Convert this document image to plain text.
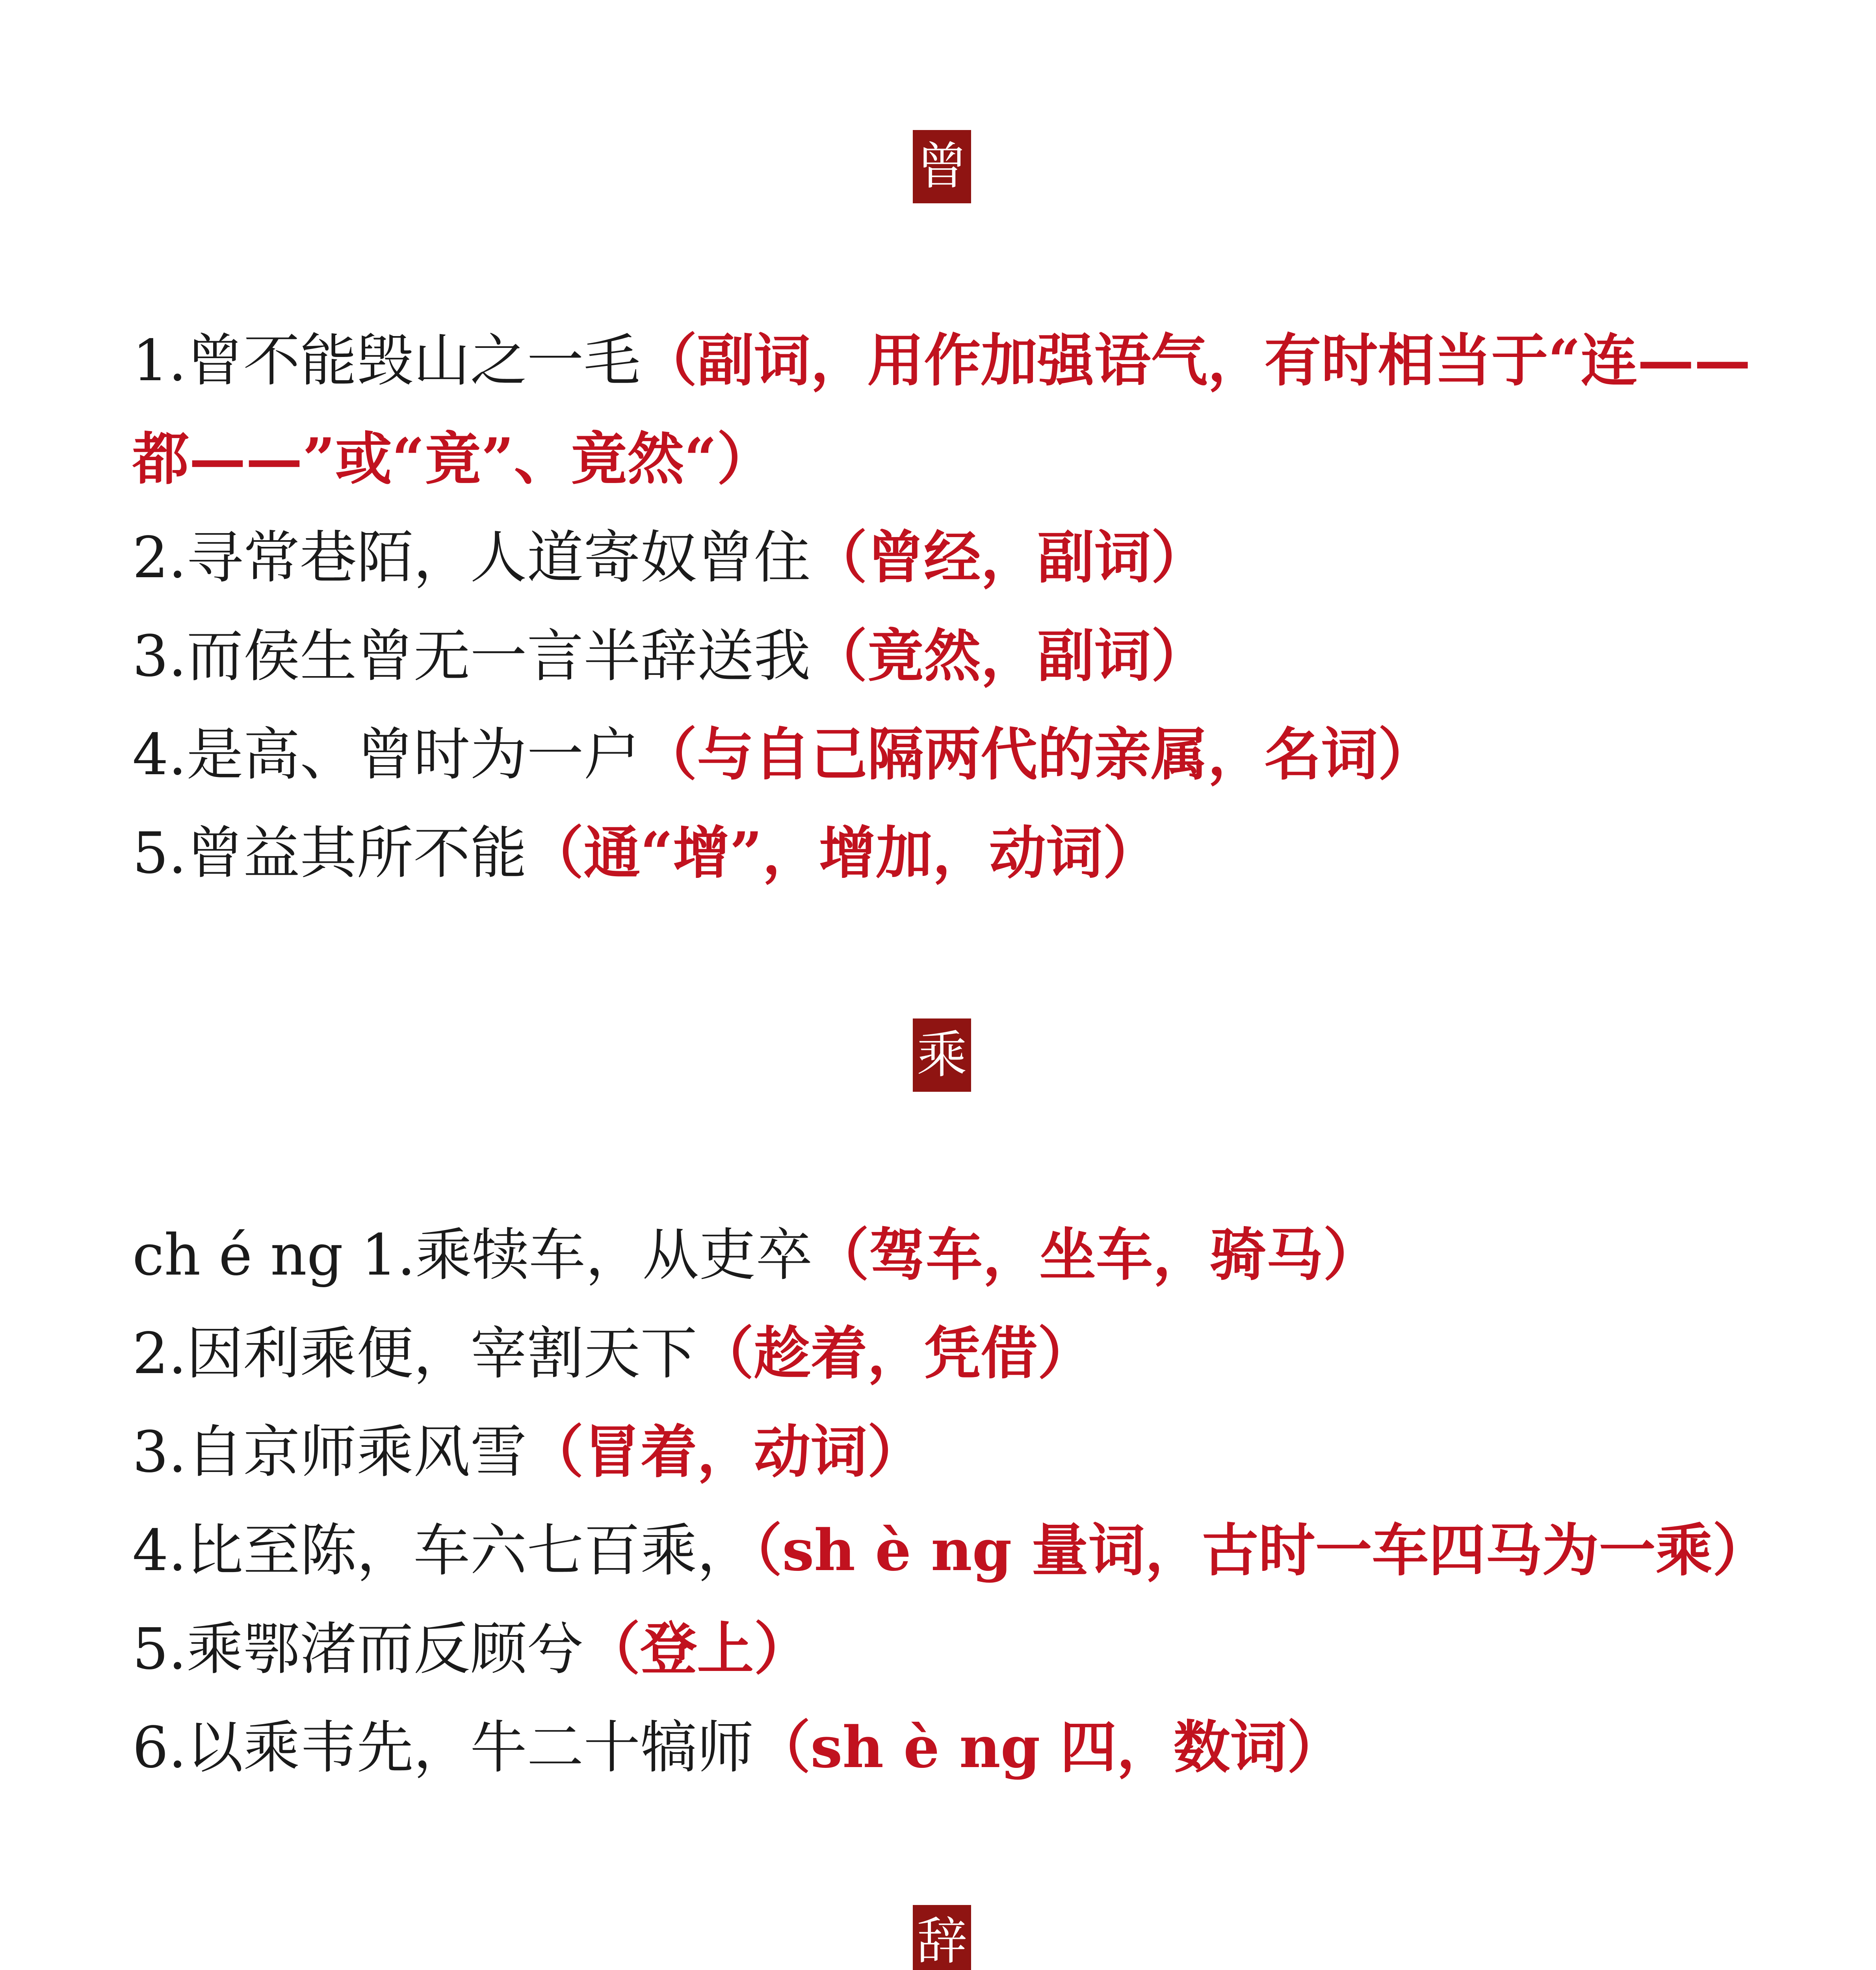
曾
1.曾不能毁山之一毛（副词，用作加强语气，有时相当于“连——都——”或“竟”、竟然“）
2.寻常巷陌，人道寄奴曾住（曾经，副词）
3.而侯生曾无一言半辞送我（竟然，副词）
4.是高、曾时为一户（与自己隔两代的亲属，名词）
5.曾益其所不能（通“增”，增加，动词）
乘
ch é ng 1.乘犊车，从吏卒（驾车，坐车，骑马）
2.因利乘便，宰割天下（趁着，凭借）
3.自京师乘风雪（冒着，动词）
4.比至陈，车六七百乘，（sh è ng 量词，古时一车四马为一乘）
5.乘鄂渚而反顾兮（登上）
6.以乘韦先，牛二十犒师（sh è ng 四，数词）
辞
